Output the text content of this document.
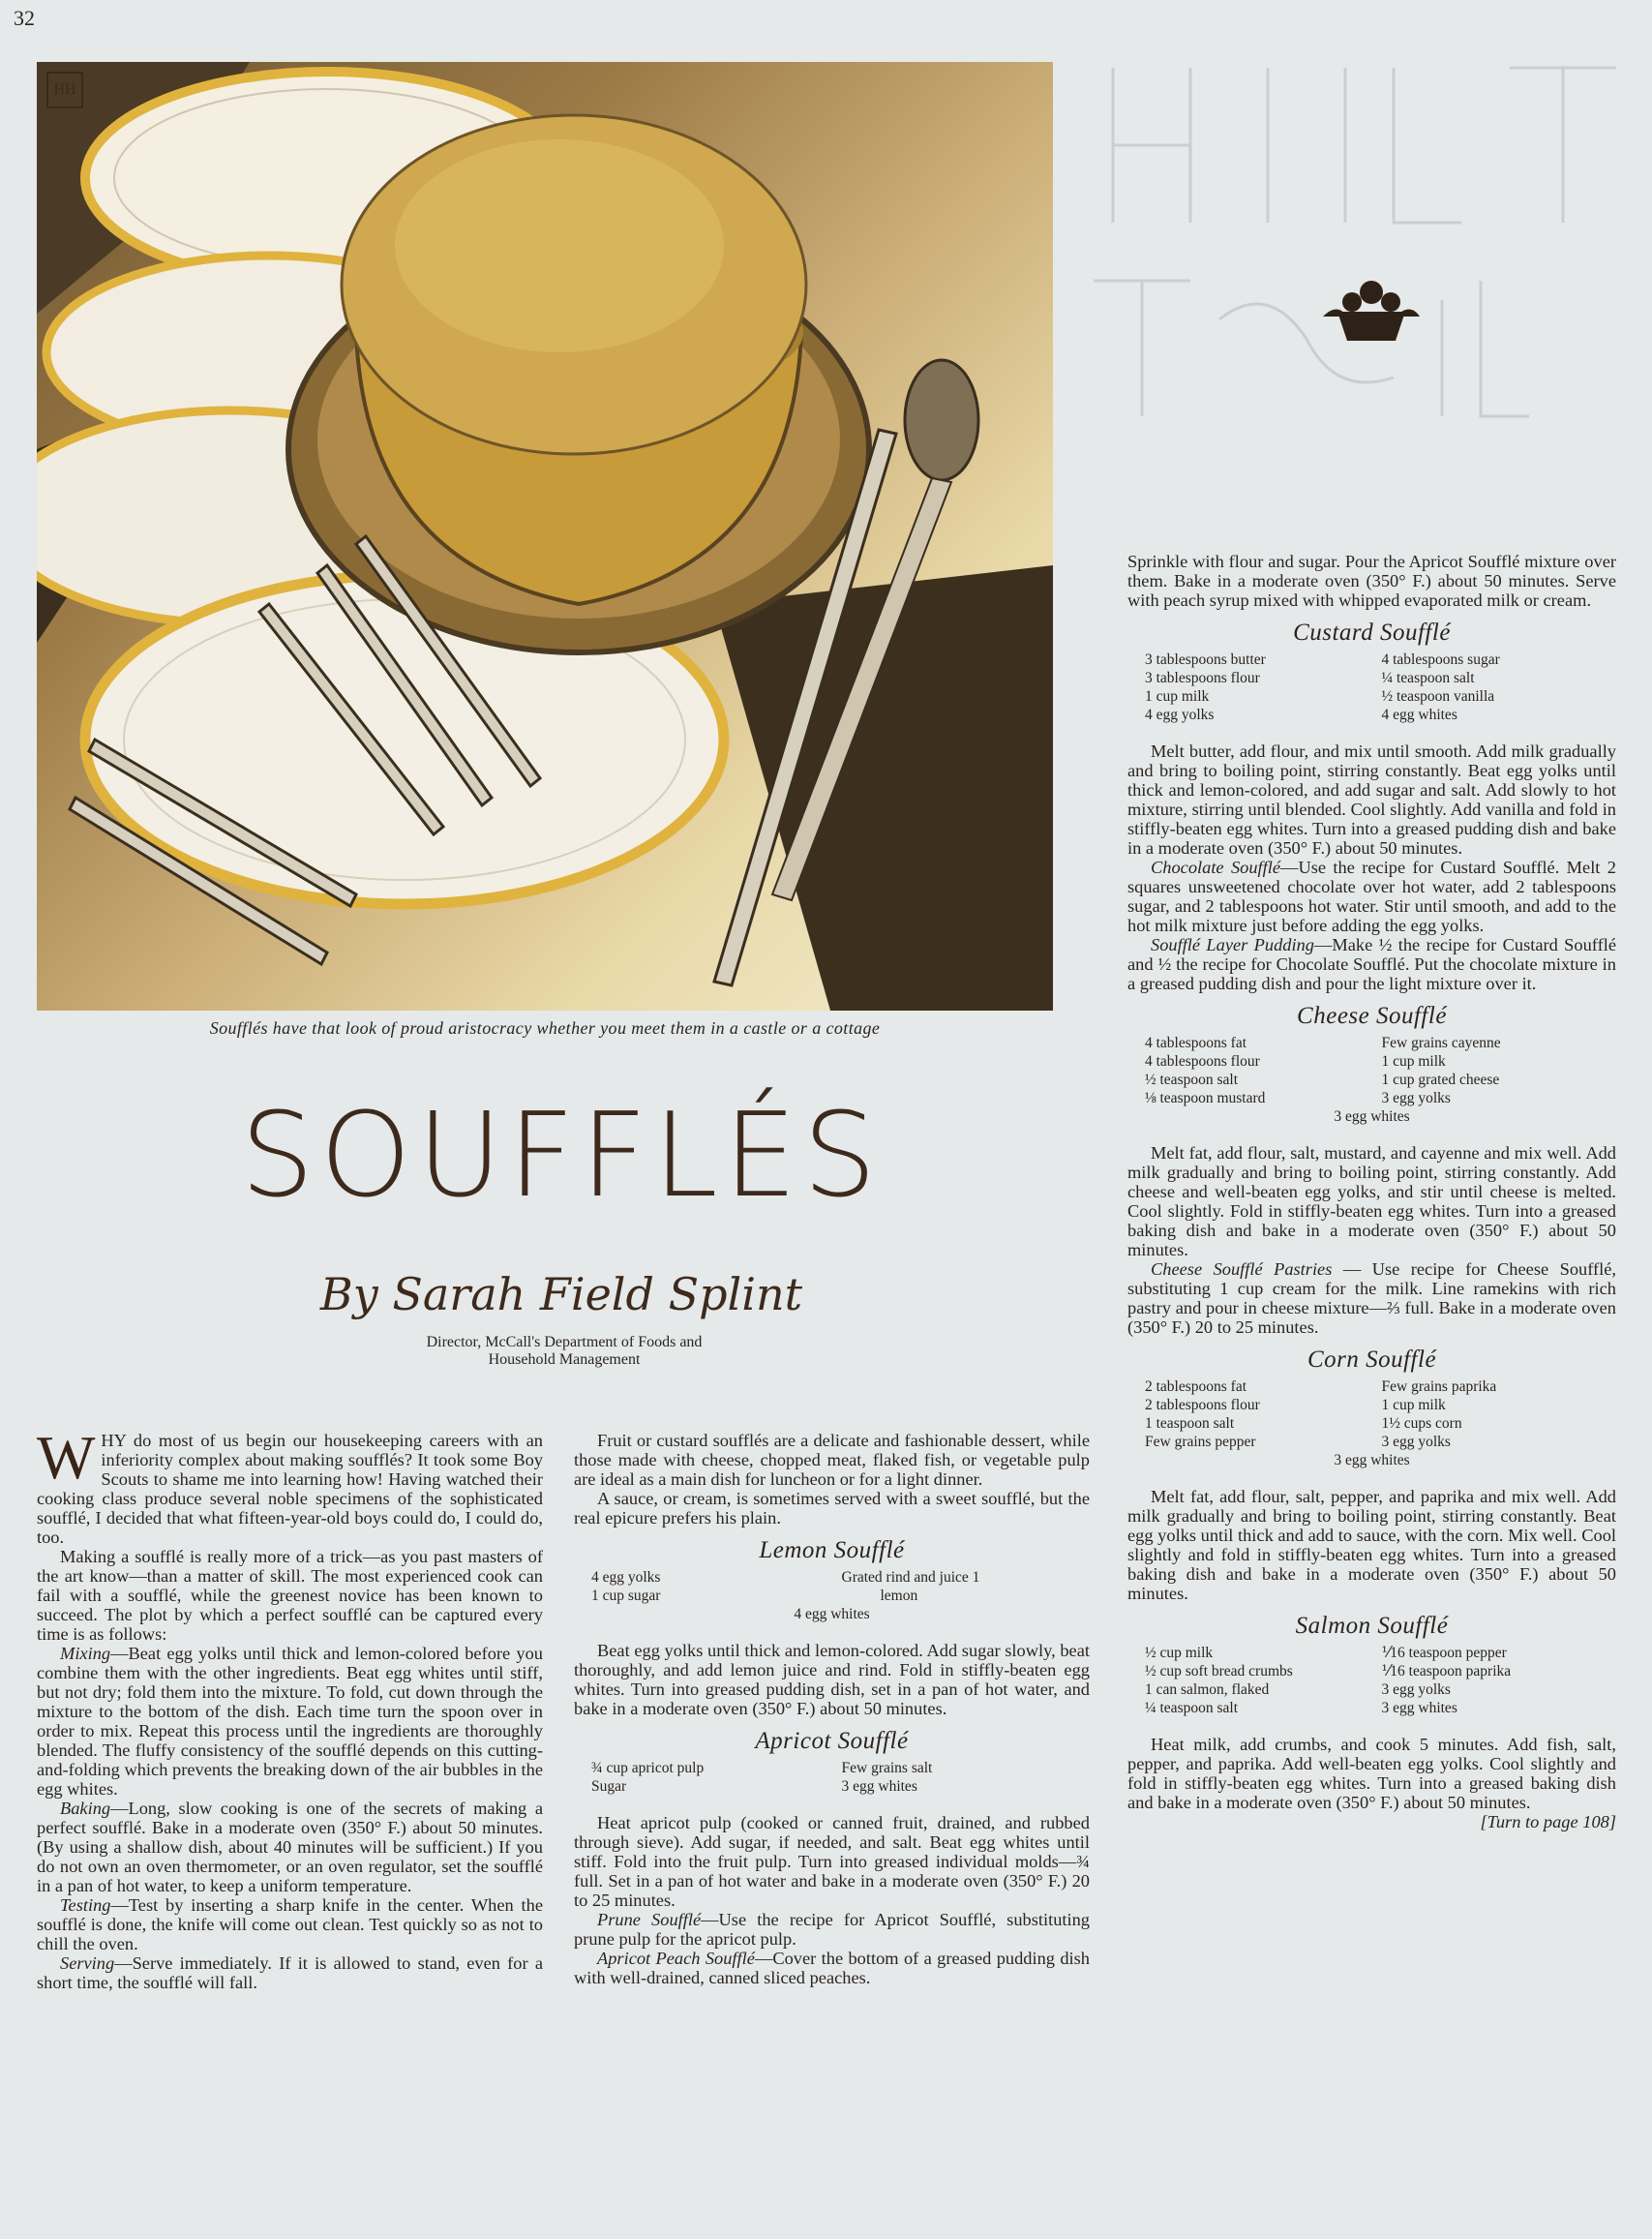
32
HH
Soufflés have that look of proud aristocracy whether you meet them in a castle or a cottage
SOUFFLÉS
By Sarah Field Splint
Director, McCall's Department of Foods and Household Management

WHY do most of us begin our housekeeping careers with an inferiority complex about making soufflés? It took some Boy Scouts to shame me into learning how! Having watched their cooking class produce several noble specimens of the sophisticated soufflé, I decided that what fifteen-year-old boys could do, I could do, too.

Making a soufflé is really more of a trick—as you past masters of the art know—than a matter of skill. The most experienced cook can fail with a soufflé, while the greenest novice has been known to succeed. The plot by which a perfect soufflé can be captured every time is as follows:

Mixing—Beat egg yolks until thick and lemon-colored before you combine them with the other ingredients. Beat egg whites until stiff, but not dry; fold them into the mixture. To fold, cut down through the mixture to the bottom of the dish. Each time turn the spoon over in order to mix. Repeat this process until the ingredients are thoroughly blended. The fluffy consistency of the soufflé depends on this cutting-and-folding which prevents the breaking down of the air bubbles in the egg whites.

Baking—Long, slow cooking is one of the secrets of making a perfect soufflé. Bake in a moderate oven (350° F.) about 50 minutes. (By using a shallow dish, about 40 minutes will be sufficient.) If you do not own an oven thermometer, or an oven regulator, set the soufflé in a pan of hot water, to keep a uniform temperature.

Testing—Test by inserting a sharp knife in the center. When the soufflé is done, the knife will come out clean. Test quickly so as not to chill the oven.

Serving—Serve immediately. If it is allowed to stand, even for a short time, the soufflé will fall.

Fruit or custard soufflés are a delicate and fashionable dessert, while those made with cheese, chopped meat, flaked fish, or vegetable pulp are ideal as a main dish for luncheon or for a light dinner.

A sauce, or cream, is sometimes served with a sweet soufflé, but the real epicure prefers his plain.

Lemon Soufflé
4 egg yolks	Grated rind and juice 1
1 cup sugar	lemon
4 egg whites

Beat egg yolks until thick and lemon-colored. Add sugar slowly, beat thoroughly, and add lemon juice and rind. Fold in stiffly-beaten egg whites. Turn into greased pudding dish, set in a pan of hot water, and bake in a moderate oven (350° F.) about 50 minutes.

Apricot Soufflé
¾ cup apricot pulp	Few grains salt
Sugar	3 egg whites

Heat apricot pulp (cooked or canned fruit, drained, and rubbed through sieve). Add sugar, if needed, and salt. Beat egg whites until stiff. Fold into the fruit pulp. Turn into greased individual molds—¾ full. Set in a pan of hot water and bake in a moderate oven (350° F.) 20 to 25 minutes.

Prune Soufflé—Use the recipe for Apricot Soufflé, substituting prune pulp for the apricot pulp.

Apricot Peach Soufflé—Cover the bottom of a greased pudding dish with well-drained, canned sliced peaches.

Sprinkle with flour and sugar. Pour the Apricot Soufflé mixture over them. Bake in a moderate oven (350° F.) about 50 minutes. Serve with peach syrup mixed with whipped evaporated milk or cream.

Custard Soufflé
3 tablespoons butter	4 tablespoons sugar
3 tablespoons flour	¼ teaspoon salt
1 cup milk	½ teaspoon vanilla
4 egg yolks	4 egg whites

Melt butter, add flour, and mix until smooth. Add milk gradually and bring to boiling point, stirring constantly. Beat egg yolks until thick and lemon-colored, and add sugar and salt. Add slowly to hot mixture, stirring until blended. Cool slightly. Add vanilla and fold in stiffly-beaten egg whites. Turn into a greased pudding dish and bake in a moderate oven (350° F.) about 50 minutes.

Chocolate Soufflé—Use the recipe for Custard Soufflé. Melt 2 squares unsweetened chocolate over hot water, add 2 tablespoons sugar, and 2 tablespoons hot water. Stir until smooth, and add to the hot milk mixture just before adding the egg yolks.

Soufflé Layer Pudding—Make ½ the recipe for Custard Soufflé and ½ the recipe for Chocolate Soufflé. Put the chocolate mixture in a greased pudding dish and pour the light mixture over it.

Cheese Soufflé
4 tablespoons fat	Few grains cayenne
4 tablespoons flour	1 cup milk
½ teaspoon salt	1 cup grated cheese
⅛ teaspoon mustard	3 egg yolks
3 egg whites

Melt fat, add flour, salt, mustard, and cayenne and mix well. Add milk gradually and bring to boiling point, stirring constantly. Add cheese and well-beaten egg yolks, and stir until cheese is melted. Cool slightly. Fold in stiffly-beaten egg whites. Turn into a greased baking dish and bake in a moderate oven (350° F.) about 50 minutes.

Cheese Soufflé Pastries — Use recipe for Cheese Soufflé, substituting 1 cup cream for the milk. Line ramekins with rich pastry and pour in cheese mixture—⅔ full. Bake in a moderate oven (350° F.) 20 to 25 minutes.

Corn Soufflé
2 tablespoons fat	Few grains paprika
2 tablespoons flour	1 cup milk
1 teaspoon salt	1½ cups corn
Few grains pepper	3 egg yolks
3 egg whites

Melt fat, add flour, salt, pepper, and paprika and mix well. Add milk gradually and bring to boiling point, stirring constantly. Beat egg yolks until thick and add to sauce, with the corn. Mix well. Cool slightly and fold in stiffly-beaten egg whites. Turn into a greased baking dish and bake in a moderate oven (350° F.) about 50 minutes.

Salmon Soufflé
½ cup milk	⅟16 teaspoon pepper
½ cup soft bread crumbs	⅟16 teaspoon paprika
1 can salmon, flaked	3 egg yolks
¼ teaspoon salt	3 egg whites

Heat milk, add crumbs, and cook 5 minutes. Add fish, salt, pepper, and paprika. Add well-beaten egg yolks. Cool slightly and fold in stiffly-beaten egg whites. Turn into a greased baking dish and bake in a moderate oven (350° F.) about 50 minutes.
[Turn to page 108]
